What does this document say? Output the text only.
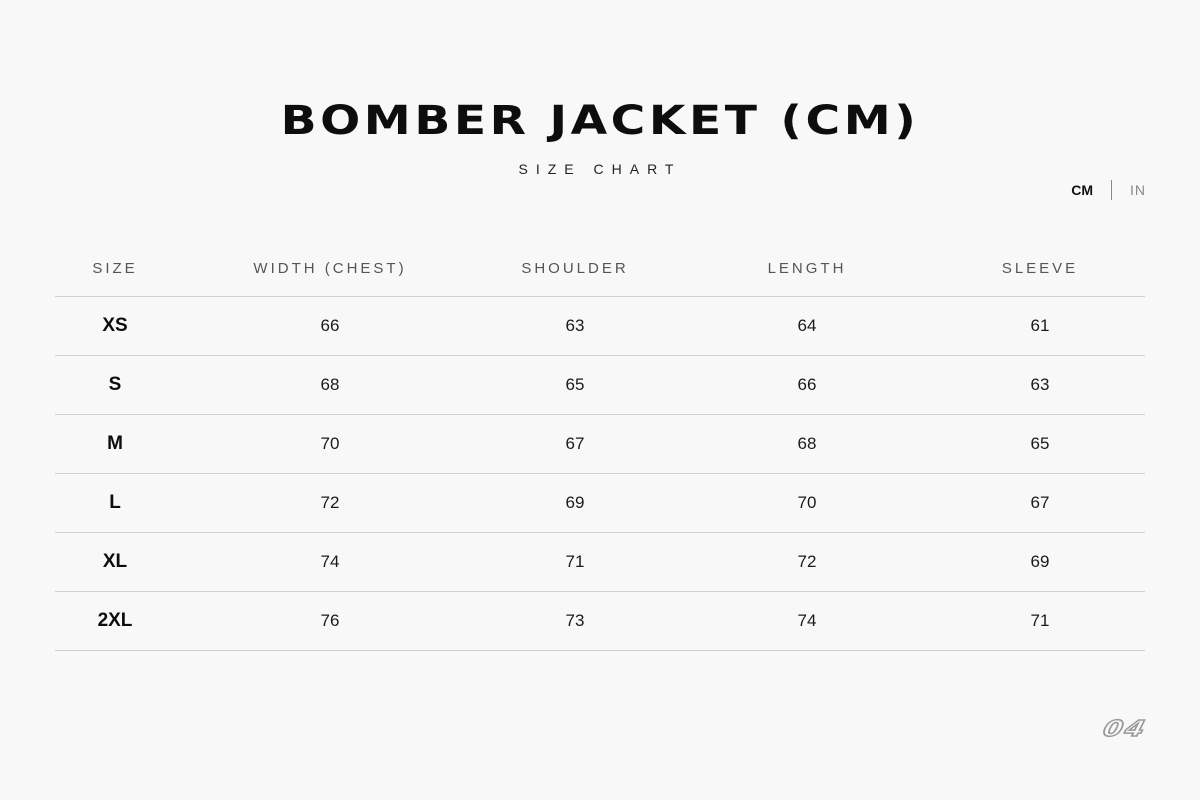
BOMBER JACKET (CM)
SIZE CHART
CM	IN
SIZE	WIDTH (CHEST)	SHOULDER	LENGTH	SLEEVE
XS	66	63	64	61
S	68	65	66	63
M	70	67	68	65
L	72	69	70	67
XL	74	71	72	69
2XL	76	73	74	71
04
